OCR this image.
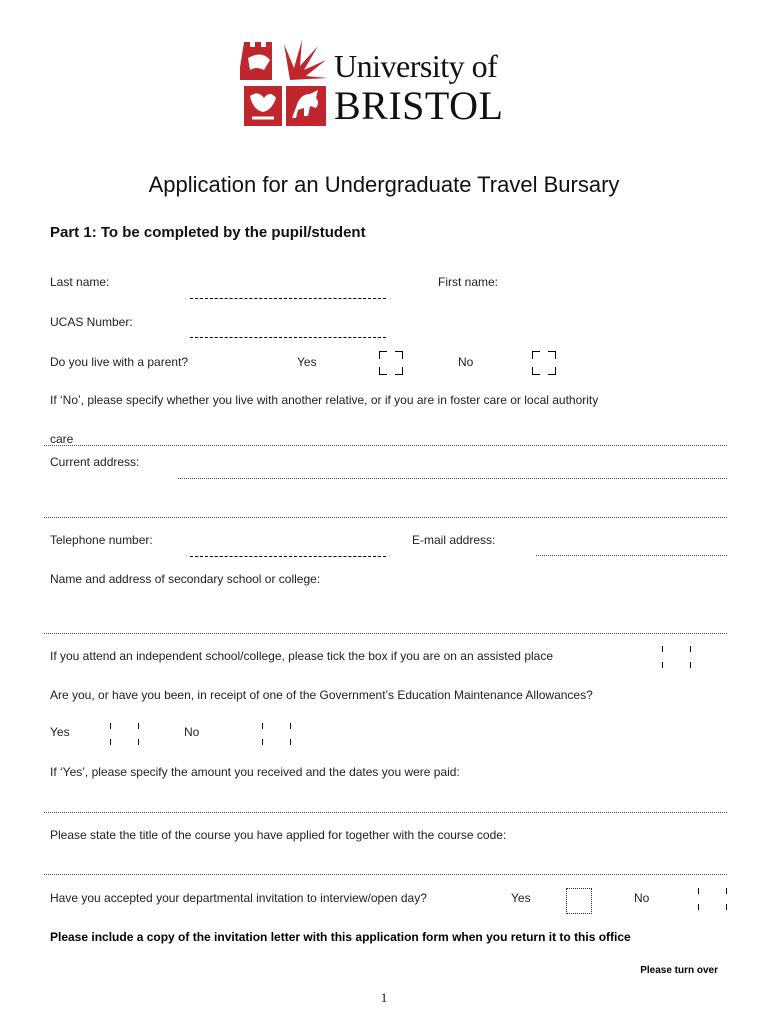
University of
BRISTOL
Application for an Undergraduate Travel Bursary
Part 1: To be completed by the pupil/student
Last name:	First name:
UCAS Number:
Do you live with a parent?	Yes	No
If ‘No’, please specify whether you live with another relative, or if you are in foster care or local authority
care
Current address:
Telephone number:	E-mail address:
Name and address of secondary school or college:
If you attend an independent school/college, please tick the box if you are on an assisted place
Are you, or have you been, in receipt of one of the Government’s Education Maintenance Allowances?
Yes	No
If ‘Yes’, please specify the amount you received and the dates you were paid:
Please state the title of the course you have applied for together with the course code:
Have you accepted your departmental invitation to interview/open day?	Yes	No
Please include a copy of the invitation letter with this application form when you return it to this office
Please turn over
1
